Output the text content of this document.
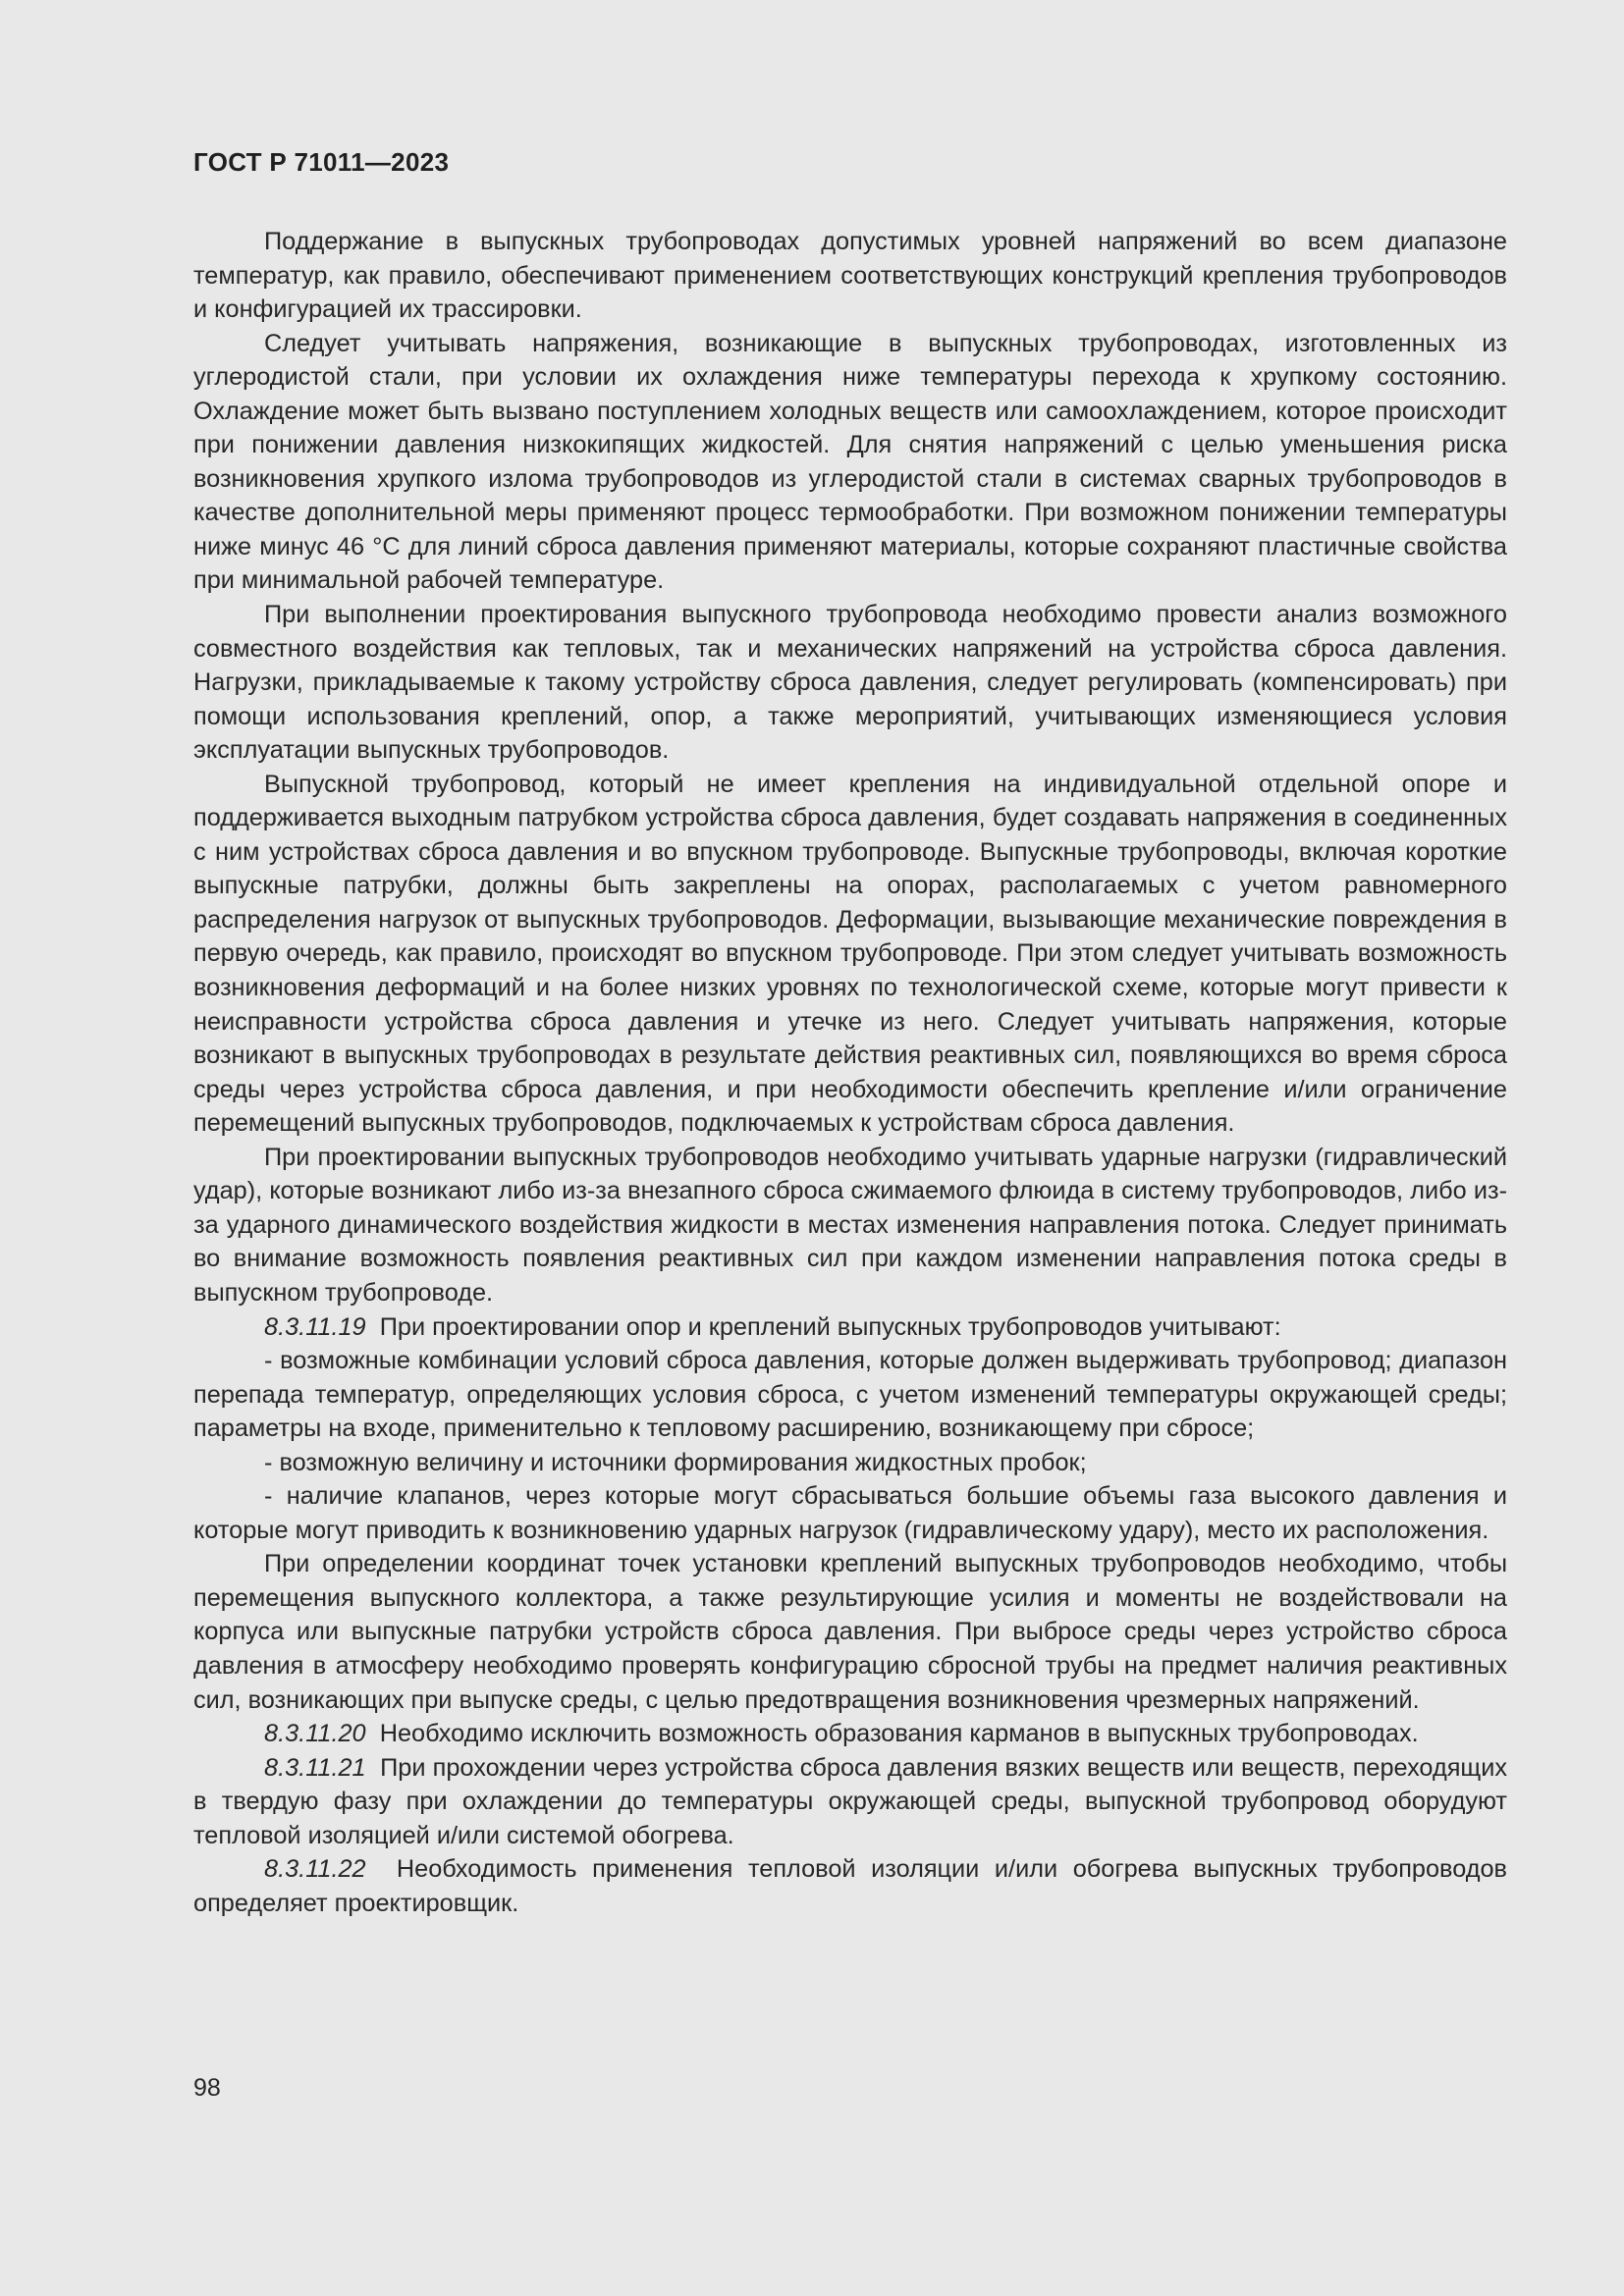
ГОСТ Р 71011—2023

Поддержание в выпускных трубопроводах допустимых уровней напряжений во всем диапазоне температур, как правило, обеспечивают применением соответствующих конструкций крепления трубопроводов и конфигурацией их трассировки.

Следует учитывать напряжения, возникающие в выпускных трубопроводах, изготовленных из углеродистой стали, при условии их охлаждения ниже температуры перехода к хрупкому состоянию. Охлаждение может быть вызвано поступлением холодных веществ или самоохлаждением, которое происходит при понижении давления низкокипящих жидкостей. Для снятия напряжений с целью уменьшения риска возникновения хрупкого излома трубопроводов из углеродистой стали в системах сварных трубопроводов в качестве дополнительной меры применяют процесс термообработки. При возможном понижении температуры ниже минус 46 °С для линий сброса давления применяют материалы, которые сохраняют пластичные свойства при минимальной рабочей температуре.

При выполнении проектирования выпускного трубопровода необходимо провести анализ возможного совместного воздействия как тепловых, так и механических напряжений на устройства сброса давления. Нагрузки, прикладываемые к такому устройству сброса давления, следует регулировать (компенсировать) при помощи использования креплений, опор, а также мероприятий, учитывающих изменяющиеся условия эксплуатации выпускных трубопроводов.

Выпускной трубопровод, который не имеет крепления на индивидуальной отдельной опоре и поддерживается выходным патрубком устройства сброса давления, будет создавать напряжения в соединенных с ним устройствах сброса давления и во впускном трубопроводе. Выпускные трубопроводы, включая короткие выпускные патрубки, должны быть закреплены на опорах, располагаемых с учетом равномерного распределения нагрузок от выпускных трубопроводов. Деформации, вызывающие механические повреждения в первую очередь, как правило, происходят во впускном трубопроводе. При этом следует учитывать возможность возникновения деформаций и на более низких уровнях по технологической схеме, которые могут привести к неисправности устройства сброса давления и утечке из него. Следует учитывать напряжения, которые возникают в выпускных трубопроводах в результате действия реактивных сил, появляющихся во время сброса среды через устройства сброса давления, и при необходимости обеспечить крепление и/или ограничение перемещений выпускных трубопроводов, подключаемых к устройствам сброса давления.

При проектировании выпускных трубопроводов необходимо учитывать ударные нагрузки (гидравлический удар), которые возникают либо из-за внезапного сброса сжимаемого флюида в систему трубопроводов, либо из-за ударного динамического воздействия жидкости в местах изменения направления потока. Следует принимать во внимание возможность появления реактивных сил при каждом изменении направления потока среды в выпускном трубопроводе.

8.3.11.19 При проектировании опор и креплений выпускных трубопроводов учитывают:

- возможные комбинации условий сброса давления, которые должен выдерживать трубопровод; диапазон перепада температур, определяющих условия сброса, с учетом изменений температуры окружающей среды; параметры на входе, применительно к тепловому расширению, возникающему при сбросе;

- возможную величину и источники формирования жидкостных пробок;

- наличие клапанов, через которые могут сбрасываться большие объемы газа высокого давления и которые могут приводить к возникновению ударных нагрузок (гидравлическому удару), место их расположения.

При определении координат точек установки креплений выпускных трубопроводов необходимо, чтобы перемещения выпускного коллектора, а также результирующие усилия и моменты не воздействовали на корпуса или выпускные патрубки устройств сброса давления. При выбросе среды через устройство сброса давления в атмосферу необходимо проверять конфигурацию сбросной трубы на предмет наличия реактивных сил, возникающих при выпуске среды, с целью предотвращения возникновения чрезмерных напряжений.

8.3.11.20 Необходимо исключить возможность образования карманов в выпускных трубопроводах.

8.3.11.21 При прохождении через устройства сброса давления вязких веществ или веществ, переходящих в твердую фазу при охлаждении до температуры окружающей среды, выпускной трубопровод оборудуют тепловой изоляцией и/или системой обогрева.

8.3.11.22 Необходимость применения тепловой изоляции и/или обогрева выпускных трубопроводов определяет проектировщик.

98
